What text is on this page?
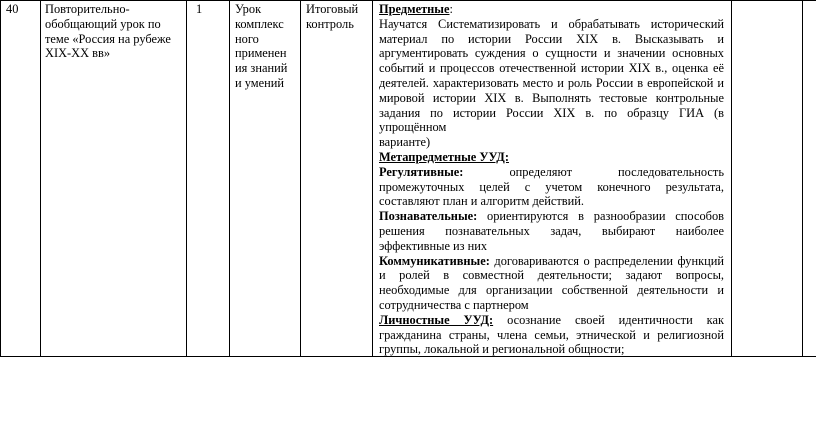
40	Повторительно-

обобщающий урок по

теме «Россия на рубеже

XIX-XX вв»

1	Урок

комплекс

ного

применен

ия знаний

и умений

Итоговый

контроль

Предметные:

Научатся Систематизировать и обрабатывать исторический

материал по истории России XIX в. Высказывать и

аргументировать суждения о сущности и значении основных

событий и процессов отечественной истории XIX в., оценка её

деятелей. характеризовать место и роль России в европейской и

мировой истории XIX в. Выполнять тестовые контрольные

задания по истории России XIX в. по образцу ГИА (в упрощённом

варианте)

Метапредметные УУД:

Регулятивные: определяют последовательность

промежуточных целей с учетом конечного результата,

составляют план и алгоритм действий.

Познавательные: ориентируются в разнообразии способов

решения познавательных задач, выбирают наиболее

эффективные из них

Коммуникативные: договариваются о распределении функций

и ролей в совместной деятельности; задают вопросы,

необходимые для организации собственной деятельности и

сотрудничества с партнером

Личностные УУД: осознание своей идентичности как

гражданина страны, члена семьи, этнической и религиозной

группы, локальной и региональной общности;
